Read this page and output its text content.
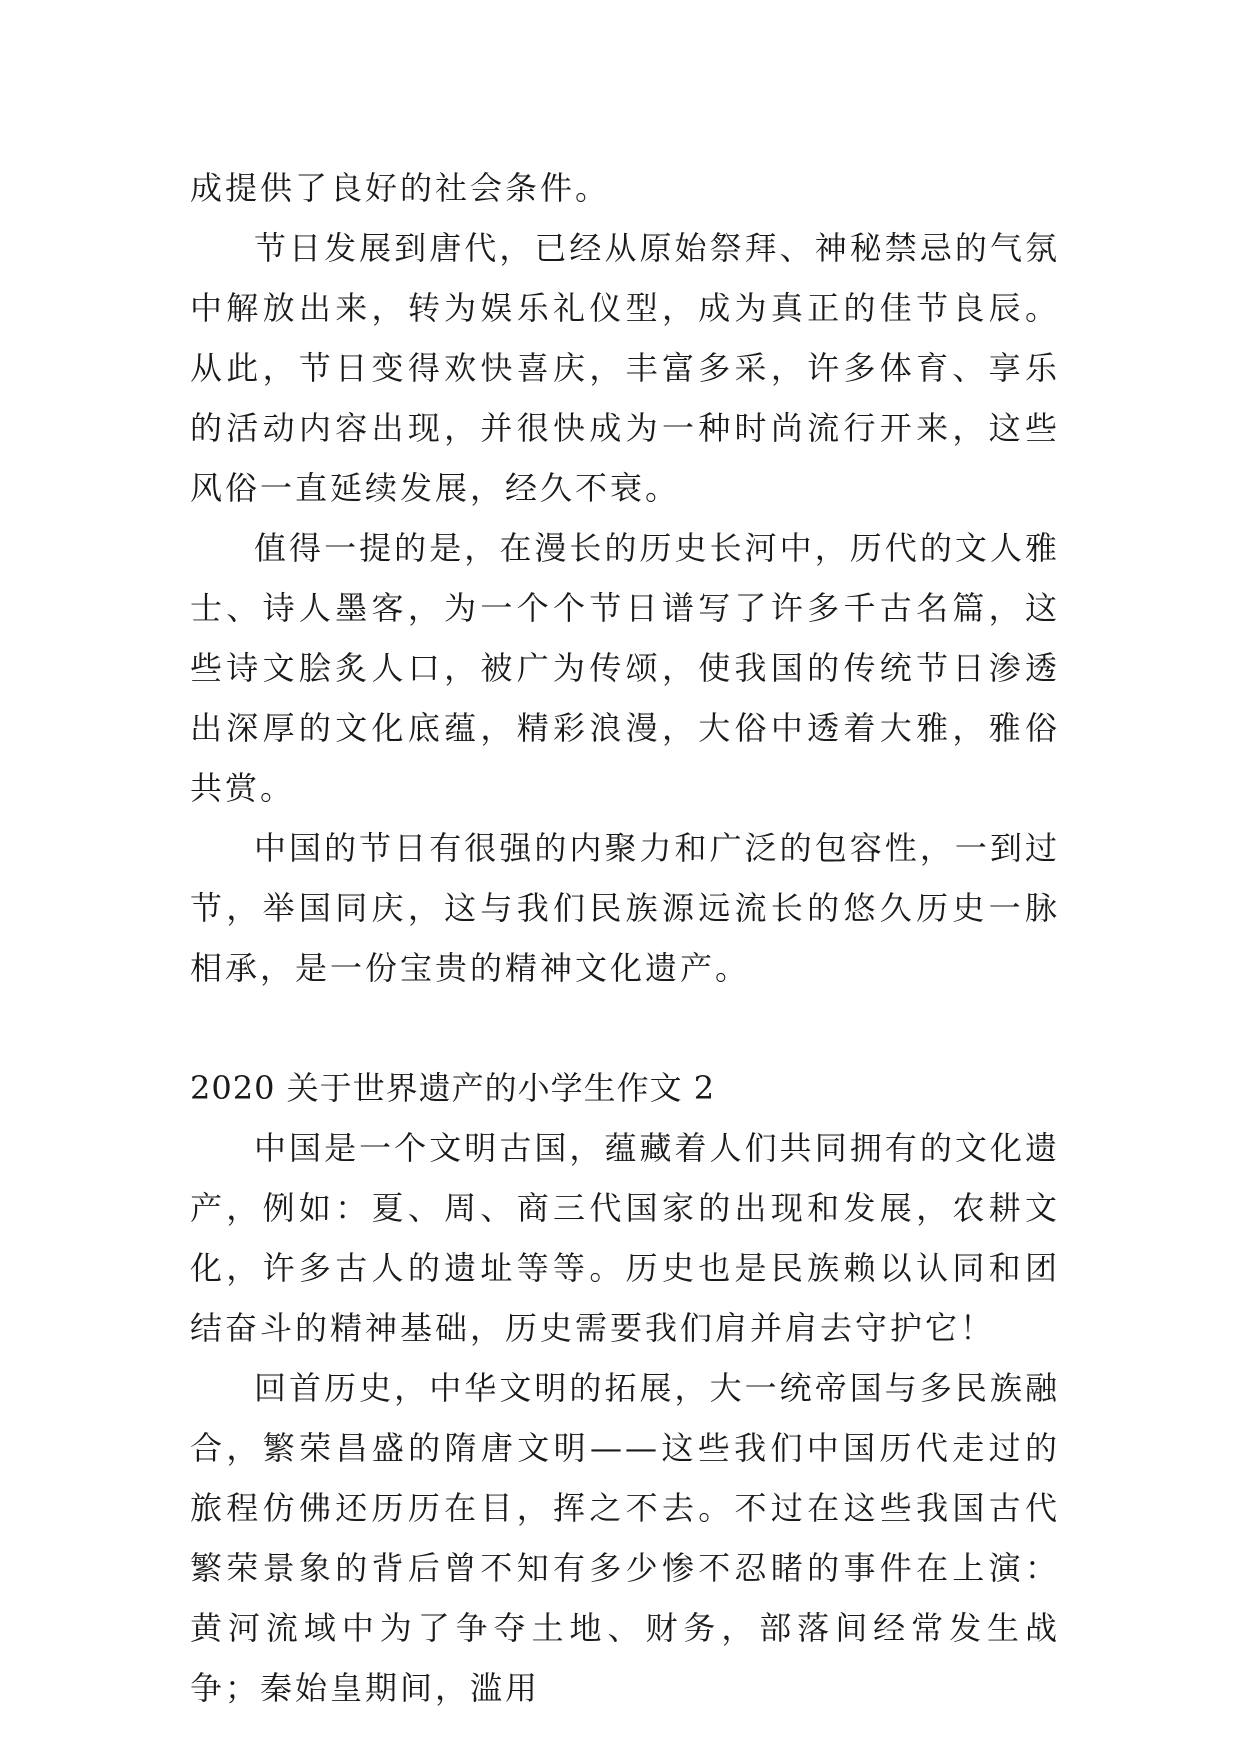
成提供了良好的社会条件。

节日发展到唐代，已经从原始祭拜、神秘禁忌的气氛中解放出来，转为娱乐礼仪型，成为真正的佳节良辰。从此，节日变得欢快喜庆，丰富多采，许多体育、享乐的活动内容出现，并很快成为一种时尚流行开来，这些风俗一直延续发展，经久不衰。

值得一提的是，在漫长的历史长河中，历代的文人雅士、诗人墨客，为一个个节日谱写了许多千古名篇，这些诗文脍炙人口，被广为传颂，使我国的传统节日渗透出深厚的文化底蕴，精彩浪漫，大俗中透着大雅，雅俗共赏。

中国的节日有很强的内聚力和广泛的包容性，一到过节，举国同庆，这与我们民族源远流长的悠久历史一脉相承，是一份宝贵的精神文化遗产。

2020 关于世界遗产的小学生作文 2

中国是一个文明古国，蕴藏着人们共同拥有的文化遗产，例如：夏、周、商三代国家的出现和发展，农耕文化，许多古人的遗址等等。历史也是民族赖以认同和团结奋斗的精神基础，历史需要我们肩并肩去守护它！

回首历史，中华文明的拓展，大一统帝国与多民族融合，繁荣昌盛的隋唐文明——这些我们中国历代走过的旅程仿佛还历历在目，挥之不去。不过在这些我国古代繁荣景象的背后曾不知有多少惨不忍睹的事件在上演：黄河流域中为了争夺土地、财务，部落间经常发生战争；秦始皇期间，滥用
